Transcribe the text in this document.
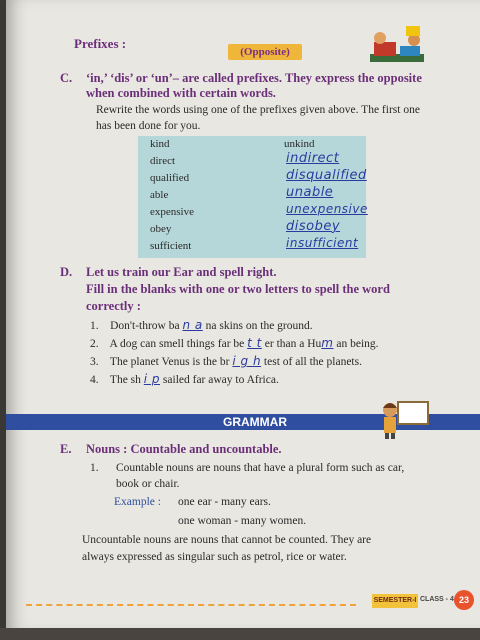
Prefixes :
(Opposite)
C. ‘in,’ ‘dis’ or ‘un’– are called prefixes. They express the opposite
when combined with certain words.
Rewrite the words using one of the prefixes given above. The first one
has been done for you.
kind	unkind
direct	indirect
qualified	disqualified
able	unable
expensive	unexpensive
obey	disobey
sufficient	insufficient
D. Let us train our Ear and spell right.
Fill in the blanks with one or two letters to spell the word
correctly :
1. Don't-throw ba n a na skins on the ground.
2. A dog can smell things far be t t er than a Hum an being.
3. The planet Venus is the br i g h test of all the planets.
4. The sh i p sailed far away to Africa.
GRAMMAR
E. Nouns : Countable and uncountable.
1. Countable nouns are nouns that have a plural form such as car,
book or chair.
Example : one ear - many ears.
one woman - many women.
Uncountable nouns are nouns that cannot be counted. They are
always expressed as singular such as petrol, rice or water.
SEMESTER-I CLASS - 4 23
